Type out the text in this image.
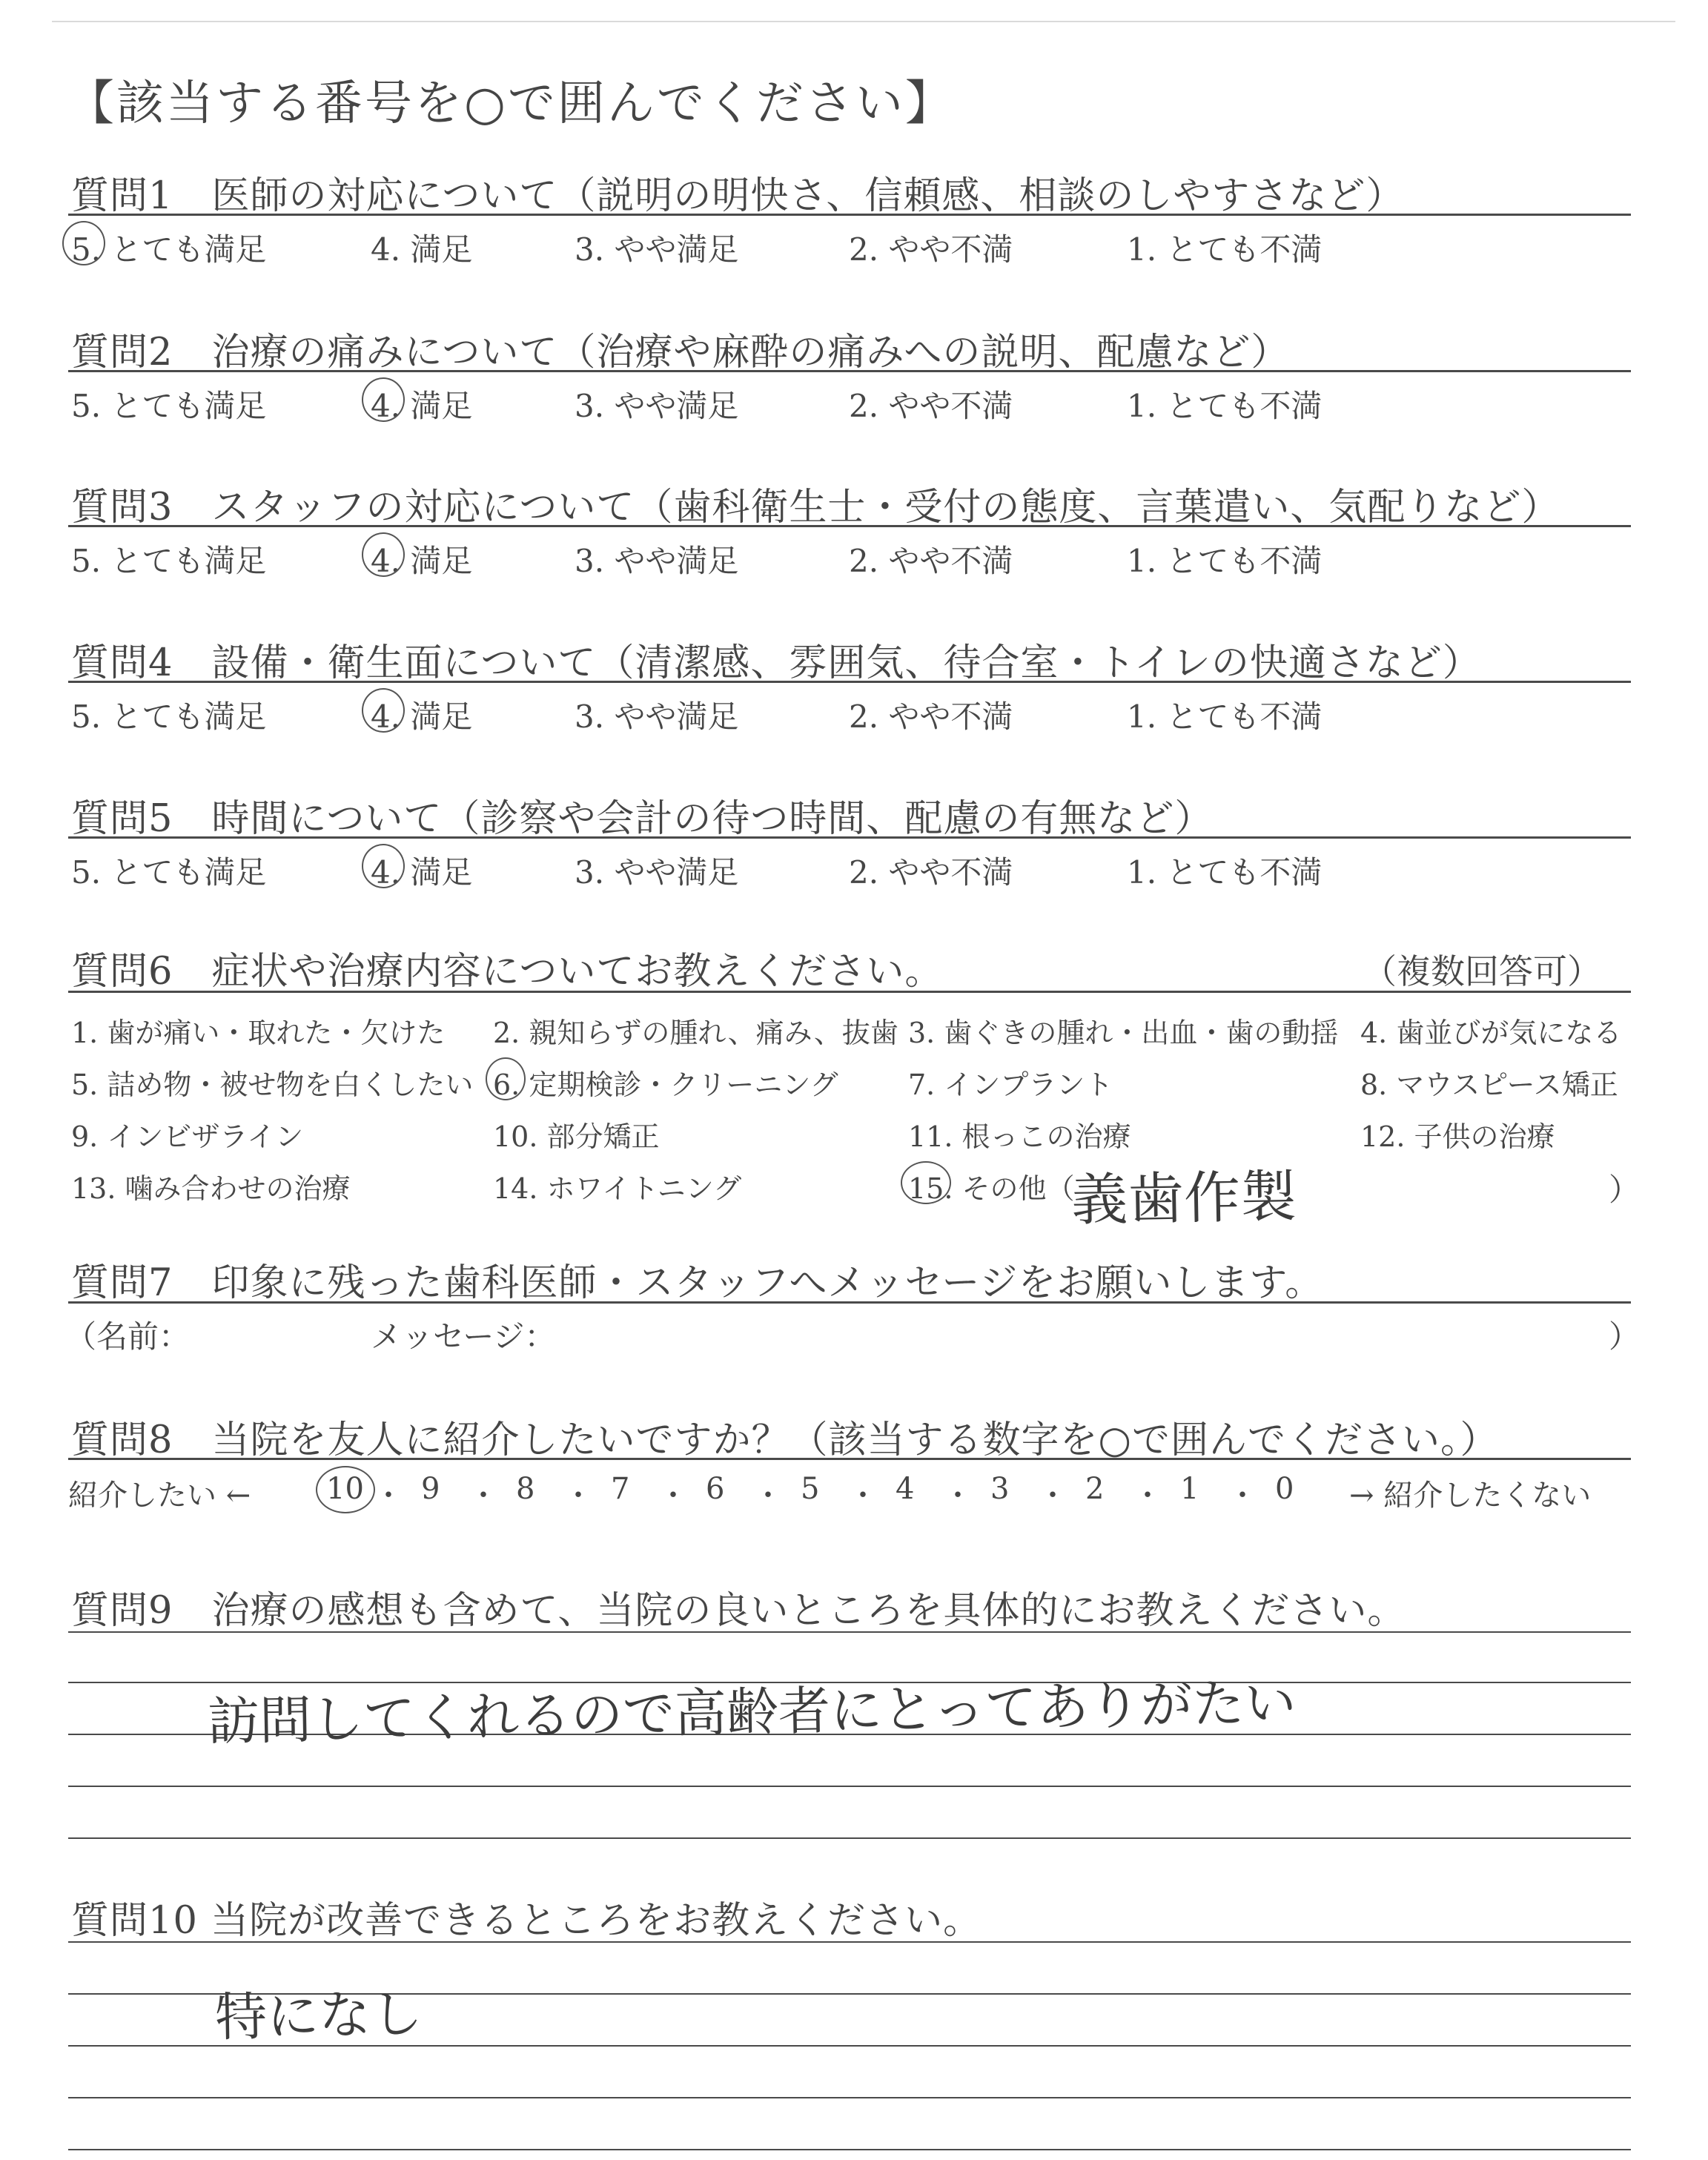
【該当する番号を○で囲んでください】
質問1　医師の対応について（説明の明快さ、信頼感、相談のしやすさなど）
5. とても満足	4. 満足	3. やや満足	2. やや不満	1. とても不満
質問2　治療の痛みについて（治療や麻酔の痛みへの説明、配慮など）
5. とても満足	4. 満足	3. やや満足	2. やや不満	1. とても不満
質問3　スタッフの対応について（歯科衛生士・受付の態度、言葉遣い、気配りなど）
5. とても満足	4. 満足	3. やや満足	2. やや不満	1. とても不満
質問4　設備・衛生面について（清潔感、雰囲気、待合室・トイレの快適さなど）
5. とても満足	4. 満足	3. やや満足	2. やや不満	1. とても不満
質問5　時間について（診察や会計の待つ時間、配慮の有無など）
5. とても満足	4. 満足	3. やや満足	2. やや不満	1. とても不満
質問6　症状や治療内容についてお教えください。	（複数回答可）
1. 歯が痛い・取れた・欠けた 2. 親知らずの腫れ、痛み、抜歯 3. 歯ぐきの腫れ・出血・歯の動揺 4. 歯並びが気になる
5. 詰め物・被せ物を白くしたい 6. 定期検診・クリーニング 7. インプラント	8. マウスピース矯正
9. インビザライン	10. 部分矯正	11. 根っこの治療	12. 子供の治療
13. 噛み合わせの治療	14. ホワイトニング	15. その他（
義歯作製	）
質問7　印象に残った歯科医師・スタッフへメッセージをお願いします。
（名前：	メッセージ：	）
質問8　当院を友人に紹介したいですか？（該当する数字を○で囲んでください。）
紹介したい ←	10 ・ 9 ・ 8 ・ 7 ・ 6 ・ 5 ・ 4 ・ 3 ・ 2 ・ 1 ・ 0 → 紹介したくない
質問9　治療の感想も含めて、当院の良いところを具体的にお教えください。
訪問してくれるので高齢者にとってありがたい
質問10 当院が改善できるところをお教えください。
特になし
